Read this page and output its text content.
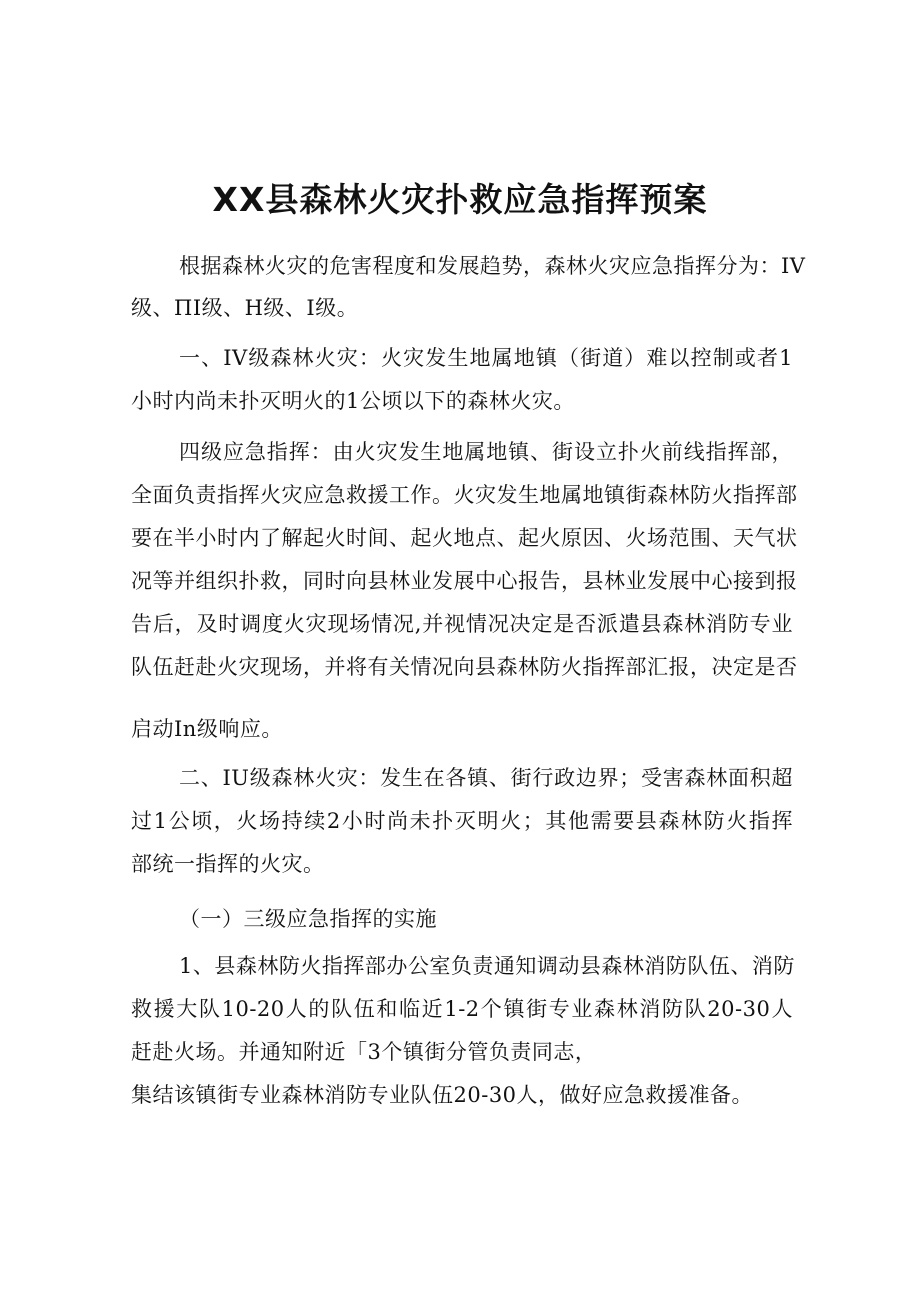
XX县森林火灾扑救应急指挥预案
根据森林火灾的危害程度和发展趋势，森林火灾应急指挥分为：IV
级、ΠΙ级、Η级、Ι级。
一、IV级森林火灾：火灾发生地属地镇（街道）难以控制或者1
小时内尚未扑灭明火的1公顷以下的森林火灾。
四级应急指挥：由火灾发生地属地镇、街设立扑火前线指挥部，
全面负责指挥火灾应急救援工作。火灾发生地属地镇街森林防火指挥部
要在半小时内了解起火时间、起火地点、起火原因、火场范围、天气状
况等并组织扑救，同时向县林业发展中心报告，县林业发展中心接到报
告后，及时调度火灾现场情况,并视情况决定是否派遣县森林消防专业
队伍赶赴火灾现场，并将有关情况向县森林防火指挥部汇报，决定是否
启动In级响应。
二、IU级森林火灾：发生在各镇、街行政边界；受害森林面积超
过1公顷，火场持续2小时尚未扑灭明火；其他需要县森林防火指挥
部统一指挥的火灾。
（一）三级应急指挥的实施
1、县森林防火指挥部办公室负责通知调动县森林消防队伍、消防
救援大队10-20人的队伍和临近1-2个镇街专业森林消防队20-30人
赶赴火场。并通知附近「3个镇街分管负责同志，
集结该镇街专业森林消防专业队伍20-30人，做好应急救援准备。
